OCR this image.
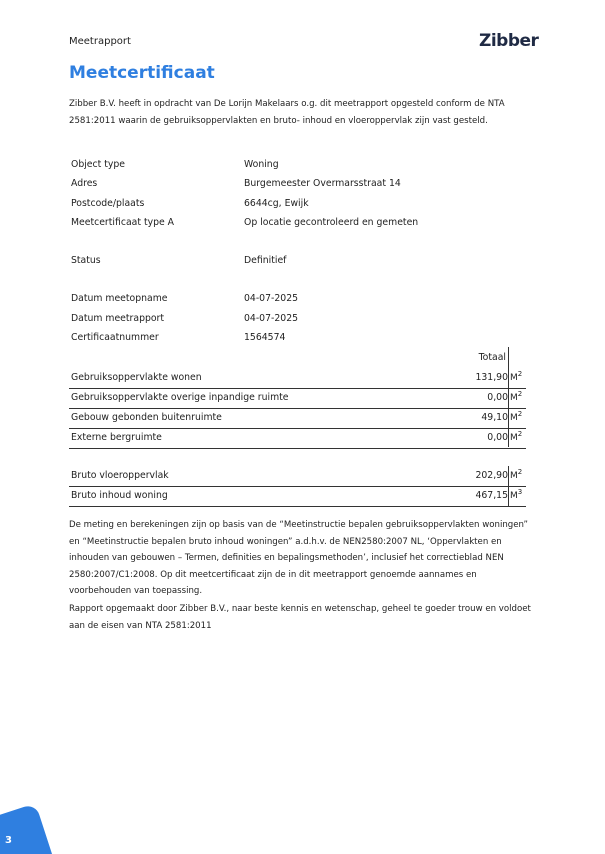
Meetrapport	Zibber
Meetcertificaat
Zibber B.V. heeft in opdracht van De Lorijn Makelaars o.g. dit meetrapport opgesteld conform de NTA 2581:2011 waarin de gebruiksoppervlakten en bruto- inhoud en vloeroppervlak zijn vast gesteld.
Object type	Woning
Adres	Burgemeester Overmarsstraat 14
Postcode/plaats	6644cg, Ewijk
Meetcertificaat type A	Op locatie gecontroleerd en gemeten
Status	Definitief
Datum meetopname	04-07-2025
Datum meetrapport	04-07-2025
Certificaatnummer	1564574
Totaal
Gebruiksoppervlakte wonen	131,90 $M^2$
Gebruiksoppervlakte overige inpandige ruimte	0,00 $M^2$
Gebouw gebonden buitenruimte	49,10 $M^2$
Externe bergruimte	0,00 $M^2$
Bruto vloeroppervlak	202,90 $M^2$
Bruto inhoud woning	467,15 $M^3$
De meting en berekeningen zijn op basis van de “Meetinstructie bepalen gebruiksoppervlakten woningen” en “Meetinstructie bepalen bruto inhoud woningen” a.d.h.v. de NEN2580:2007 NL, ‘Oppervlakten en inhouden van gebouwen – Termen, definities en bepalingsmethoden’, inclusief het correctieblad NEN 2580:2007/C1:2008. Op dit meetcertificaat zijn de in dit meetrapport genoemde aannames en voorbehouden van toepassing.
Rapport opgemaakt door Zibber B.V., naar beste kennis en wetenschap, geheel te goeder trouw en voldoet aan de eisen van NTA 2581:2011
3
